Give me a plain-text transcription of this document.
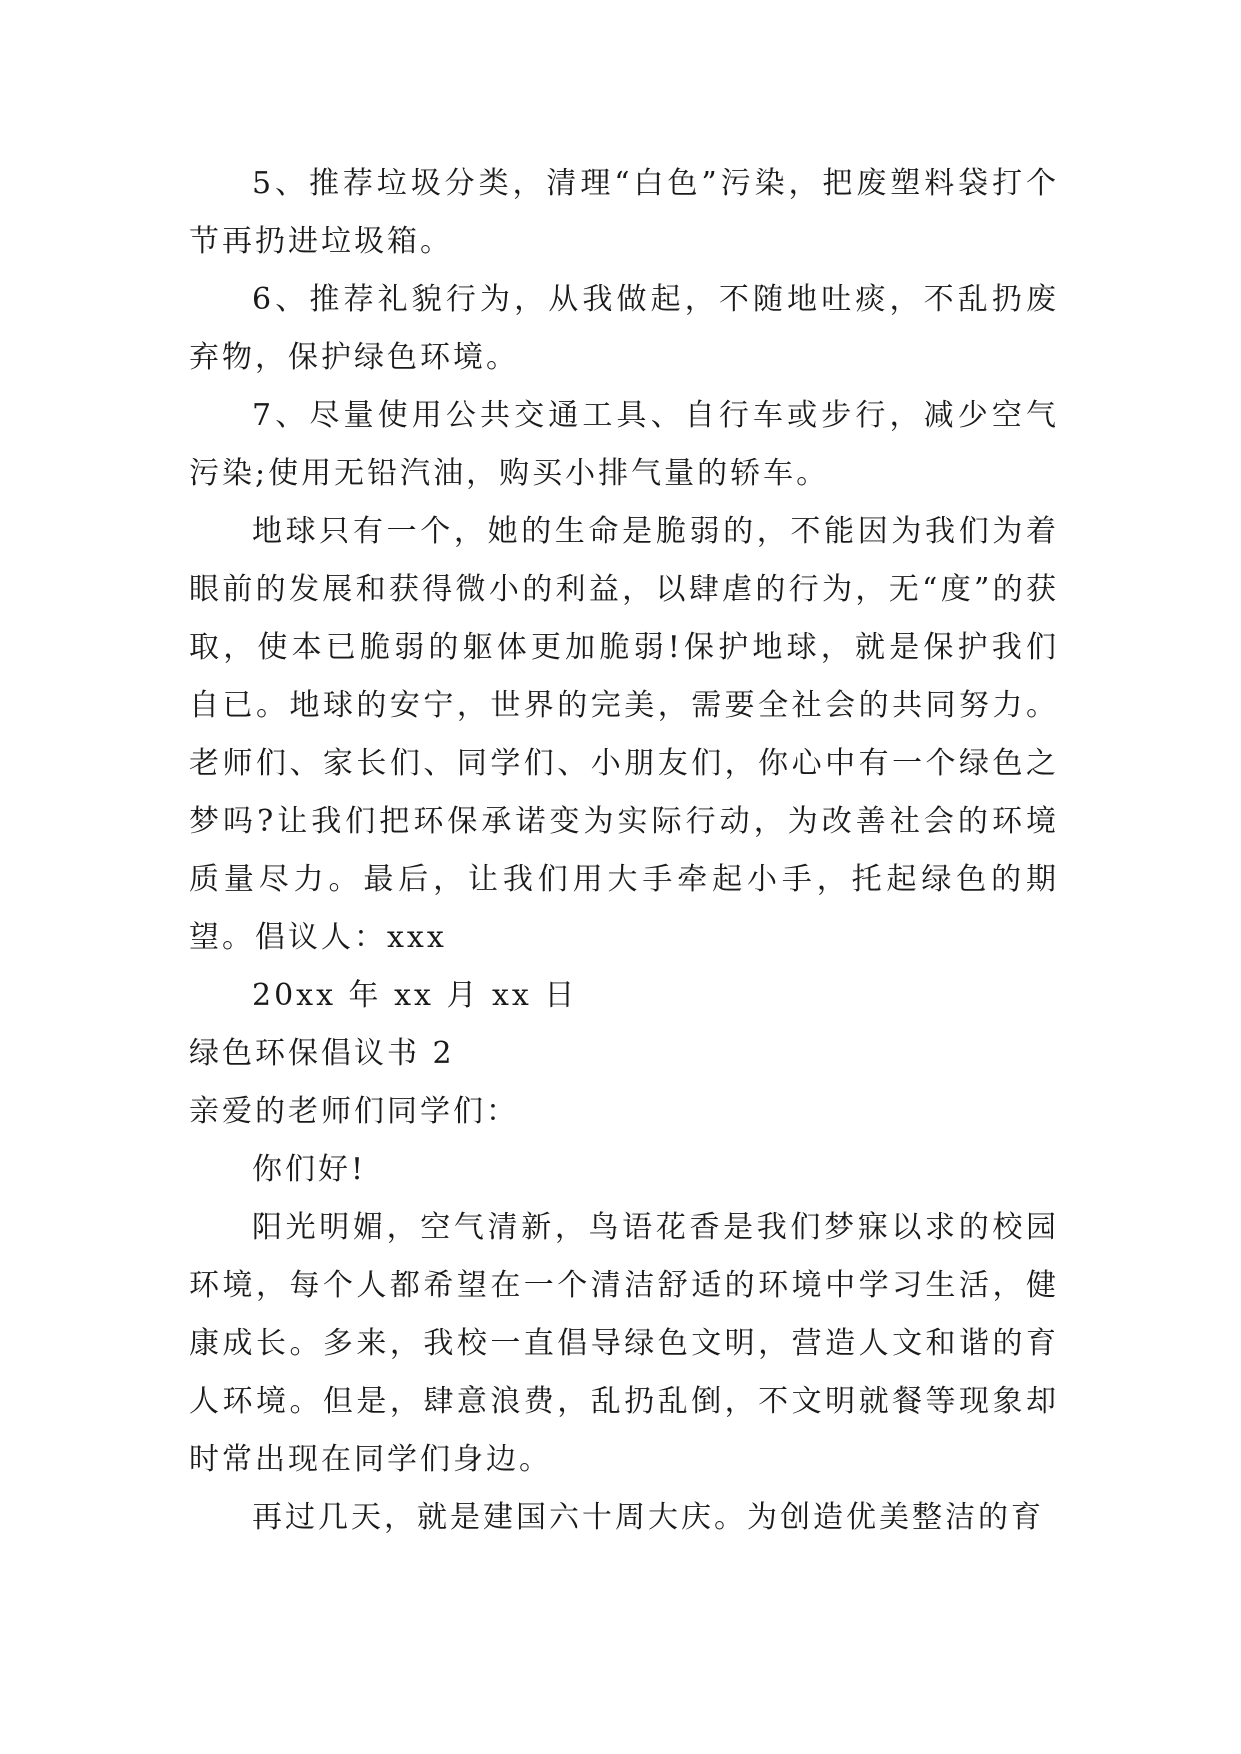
5、推荐垃圾分类，清理“白色”污染，把废塑料袋打个节再扔进垃圾箱。

6、推荐礼貌行为，从我做起，不随地吐痰，不乱扔废弃物，保护绿色环境。

7、尽量使用公共交通工具、自行车或步行，减少空气污染;使用无铅汽油，购买小排气量的轿车。

地球只有一个，她的生命是脆弱的，不能因为我们为着眼前的发展和获得微小的利益，以肆虐的行为，无“度”的获取，使本已脆弱的躯体更加脆弱!保护地球，就是保护我们自已。地球的安宁，世界的完美，需要全社会的共同努力。老师们、家长们、同学们、小朋友们，你心中有一个绿色之梦吗?让我们把环保承诺变为实际行动，为改善社会的环境质量尽力。最后，让我们用大手牵起小手，托起绿色的期望。倡议人：xxx

20xx 年 xx 月 xx 日

绿色环保倡议书 2

亲爱的老师们同学们：

你们好!

阳光明媚，空气清新，鸟语花香是我们梦寐以求的校园环境，每个人都希望在一个清洁舒适的环境中学习生活，健康成长。多来，我校一直倡导绿色文明，营造人文和谐的育人环境。但是，肆意浪费，乱扔乱倒，不文明就餐等现象却时常出现在同学们身边。

再过几天，就是建国六十周大庆。为创造优美整洁的育
